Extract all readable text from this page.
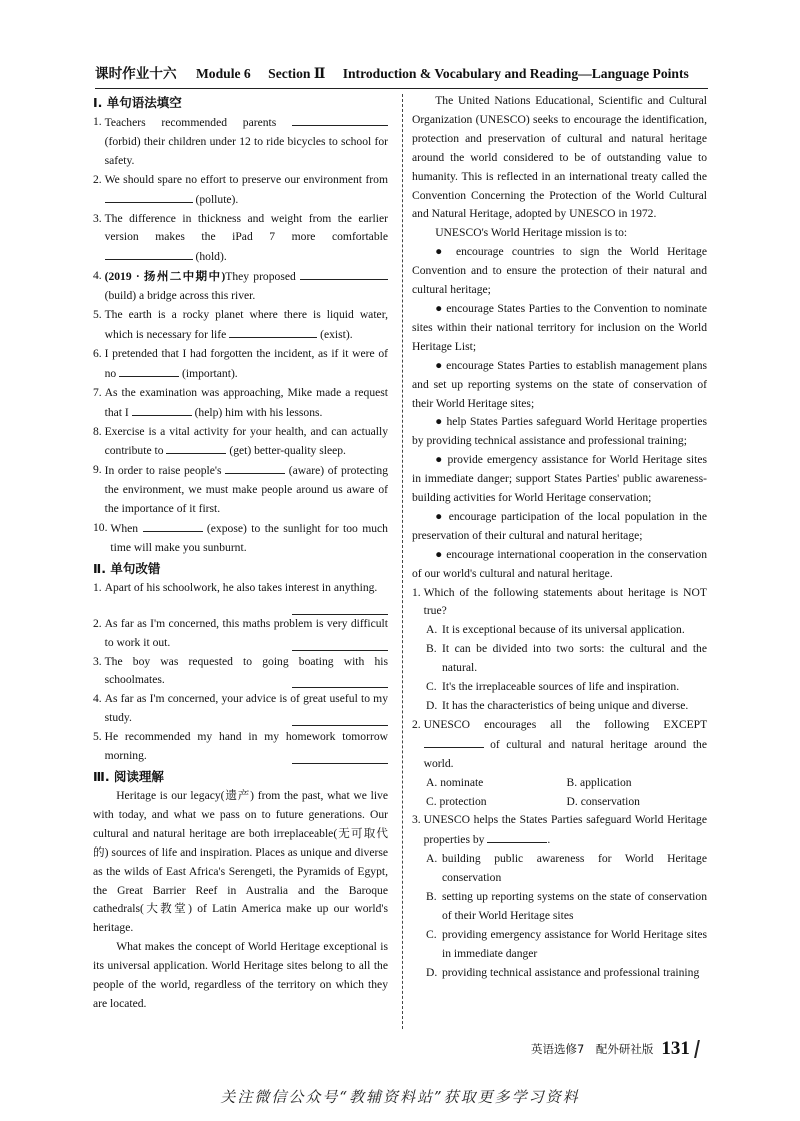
课时作业十六 Module 6 Section Ⅱ Introduction & Vocabulary and Reading—Language Points
Ⅰ. 单句语法填空
1. Teachers recommended parents  (forbid) their children under 12 to ride bicycles to school for safety.
2. We should spare no effort to preserve our environment from  (pollute).
3. The difference in thickness and weight from the earlier version makes the iPad 7 more comfortable  (hold).
4. (2019 · 扬州二中期中)They proposed  (build) a bridge across this river.
5. The earth is a rocky planet where there is liquid water, which is necessary for life	(exist).
6. I pretended that I had forgotten the incident, as if it were of no	(important).
7. As the examination was approaching, Mike made a request that I	(help) him with his lessons.
8. Exercise is a vital activity for your health, and can actually contribute to	(get) better-quality sleep.
9. In order to raise people's	(aware) of protecting the environment, we must make people around us aware of the importance of it first.
10. When	(expose) to the sunlight for too much time will make you sunburnt.
Ⅱ. 单句改错
1. Apart of his schoolwork, he also takes interest in anything.
2. As far as I'm concerned, this maths problem is very difficult to work it out.
3. The boy was requested to going boating with his schoolmates.
4. As far as I'm concerned, your advice is of great useful to my study.
5. He recommended my hand in my homework tomorrow morning.
Ⅲ. 阅读理解

Heritage is our legacy(遗产) from the past, what we live with today, and what we pass on to future generations. Our cultural and natural heritage are both irreplaceable(无可取代的) sources of life and inspiration. Places as unique and diverse as the wilds of East Africa's Serengeti, the Pyramids of Egypt, the Great Barrier Reef in Australia and the Baroque cathedrals(大教堂) of Latin America make up our world's heritage.

What makes the concept of World Heritage exceptional is its universal application. World Heritage sites belong to all the people of the world, regardless of the territory on which they are located.

The United Nations Educational, Scientific and Cultural Organization (UNESCO) seeks to encourage the identification, protection and preservation of cultural and natural heritage around the world considered to be of outstanding value to humanity. This is reflected in an international treaty called the Convention Concerning the Protection of the World Cultural and Natural Heritage, adopted by UNESCO in 1972.

UNESCO's World Heritage mission is to:

● encourage countries to sign the World Heritage Convention and to ensure the protection of their natural and cultural heritage;

● encourage States Parties to the Convention to nominate sites within their national territory for inclusion on the World Heritage List;

● encourage States Parties to establish management plans and set up reporting systems on the state of conservation of their World Heritage sites;

● help States Parties safeguard World Heritage properties by providing technical assistance and professional training;

● provide emergency assistance for World Heritage sites in immediate danger; support States Parties' public awareness-building activities for World Heritage conservation;

● encourage participation of the local population in the preservation of their cultural and natural heritage;

● encourage international cooperation in the conservation of our world's cultural and natural heritage.

1. Which of the following statements about heritage is NOT true?
A. It is exceptional because of its universal application.
B. It can be divided into two sorts: the cultural and the natural.
C. It's the irreplaceable sources of life and inspiration.
D. It has the characteristics of being unique and diverse.
2. UNESCO encourages all the following EXCEPT  of cultural and natural heritage around the world.
A. nominate	B. application
C. protection	D. conservation
3. UNESCO helps the States Parties safeguard World Heritage properties by	.
A. building public awareness for World Heritage conservation
B. setting up reporting systems on the state of conservation of their World Heritage sites
C. providing emergency assistance for World Heritage sites in immediate danger
D. providing technical assistance and professional training
英语选修7　配外研社版 131
关注微信公众号“教辅资料站”获取更多学习资料
